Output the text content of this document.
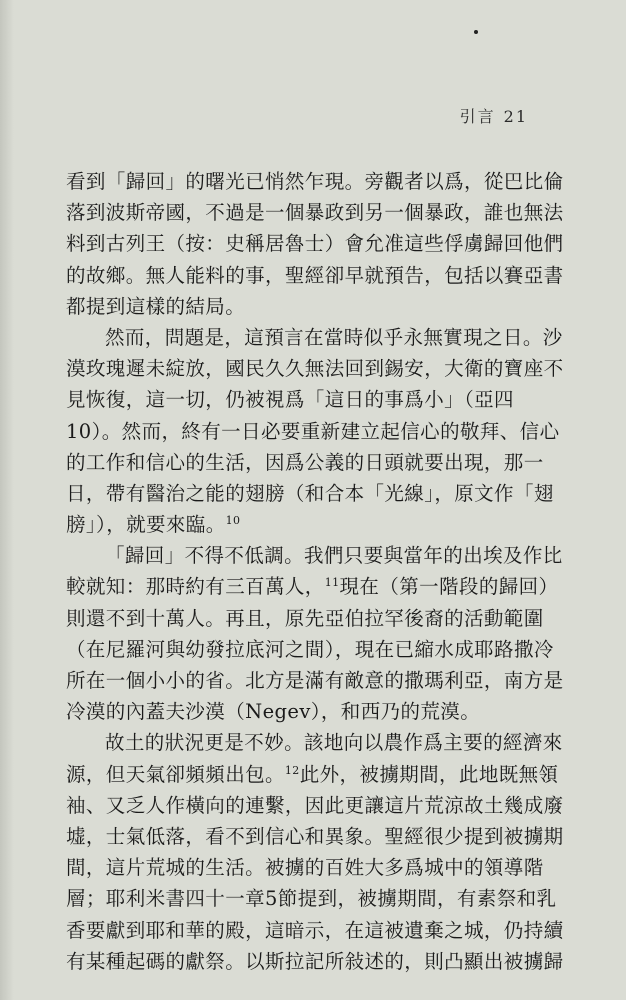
引言 21
看到「歸回」的曙光已悄然乍現。旁觀者以爲，從巴比倫
落到波斯帝國，不過是一個暴政到另一個暴政，誰也無法
料到古列王（按：史稱居魯士）會允准這些俘虜歸回他們
的故鄉。無人能料的事，聖經卻早就預告，包括以賽亞書
都提到這樣的結局。
然而，問題是，這預言在當時似乎永無實現之日。沙
漠玫瑰遲未綻放，國民久久無法回到錫安，大衛的寶座不
見恢復，這一切，仍被視爲「這日的事爲小」（亞四
10）。然而，終有一日必要重新建立起信心的敬拜、信心
的工作和信心的生活，因爲公義的日頭就要出現，那一
日，帶有醫治之能的翅膀（和合本「光線」，原文作「翅
膀」），就要來臨。$^{10}$
「歸回」不得不低調。我們只要與當年的出埃及作比
較就知：那時約有三百萬人，$^{11}$現在（第一階段的歸回）
則還不到十萬人。再且，原先亞伯拉罕後裔的活動範圍
（在尼羅河與幼發拉底河之間），現在已縮水成耶路撒冷
所在一個小小的省。北方是滿有敵意的撒瑪利亞，南方是
冷漠的內蓋夫沙漠（Negev），和西乃的荒漠。
故土的狀況更是不妙。該地向以農作爲主要的經濟來
源，但天氣卻頻頻出包。$^{12}$此外，被擄期間，此地既無領
袖、又乏人作橫向的連繫，因此更讓這片荒涼故土幾成廢
墟，士氣低落，看不到信心和異象。聖經很少提到被擄期
間，這片荒城的生活。被擄的百姓大多爲城中的領導階
層；耶利米書四十一章5節提到，被擄期間，有素祭和乳
香要獻到耶和華的殿，這暗示，在這被遺棄之城，仍持續
有某種起碼的獻祭。以斯拉記所敍述的，則凸顯出被擄歸
